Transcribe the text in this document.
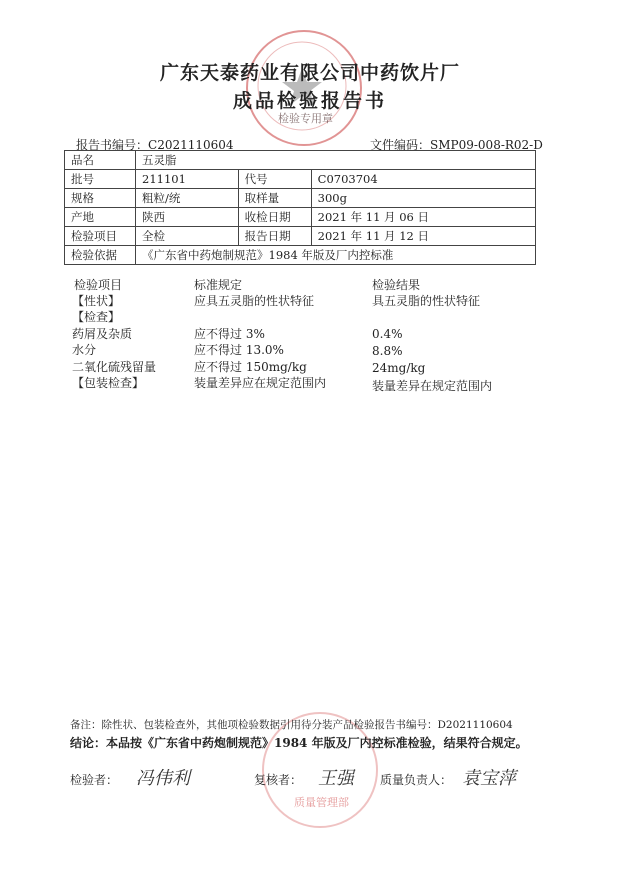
检验专用章
质量管理部
广东天泰药业有限公司中药饮片厂
成品检验报告书
报告书编号：C2021110604	文件编码：SMP09-008-R02-D
品名	五灵脂		
批号	211101	代号	C0703704
规格	粗粒/统	取样量	300g
产地	陕西	收检日期	2021 年 11 月 06 日
检验项目	全检	报告日期	2021 年 11 月 12 日
检验依据	《广东省中药炮制规范》1984 年版及厂内控标准		
检验项目	标准规定	检验结果
【性状】	应具五灵脂的性状特征	具五灵脂的性状特征
【检查】
药屑及杂质	应不得过 3%	0.4%
水分	应不得过 13.0%	8.8%
二氧化硫残留量	应不得过 150mg/kg	24mg/kg
【包装检查】	装量差异应在规定范围内	装量差异在规定范围内
备注：除性状、包装检查外，其他项检验数据引用待分装产品检验报告书编号：D2021110604
结论：本品按《广东省中药炮制规范》1984 年版及厂内控标准检验，结果符合规定。
检验者： 冯伟利	复核者： 王强 质量负责人： 袁宝萍
